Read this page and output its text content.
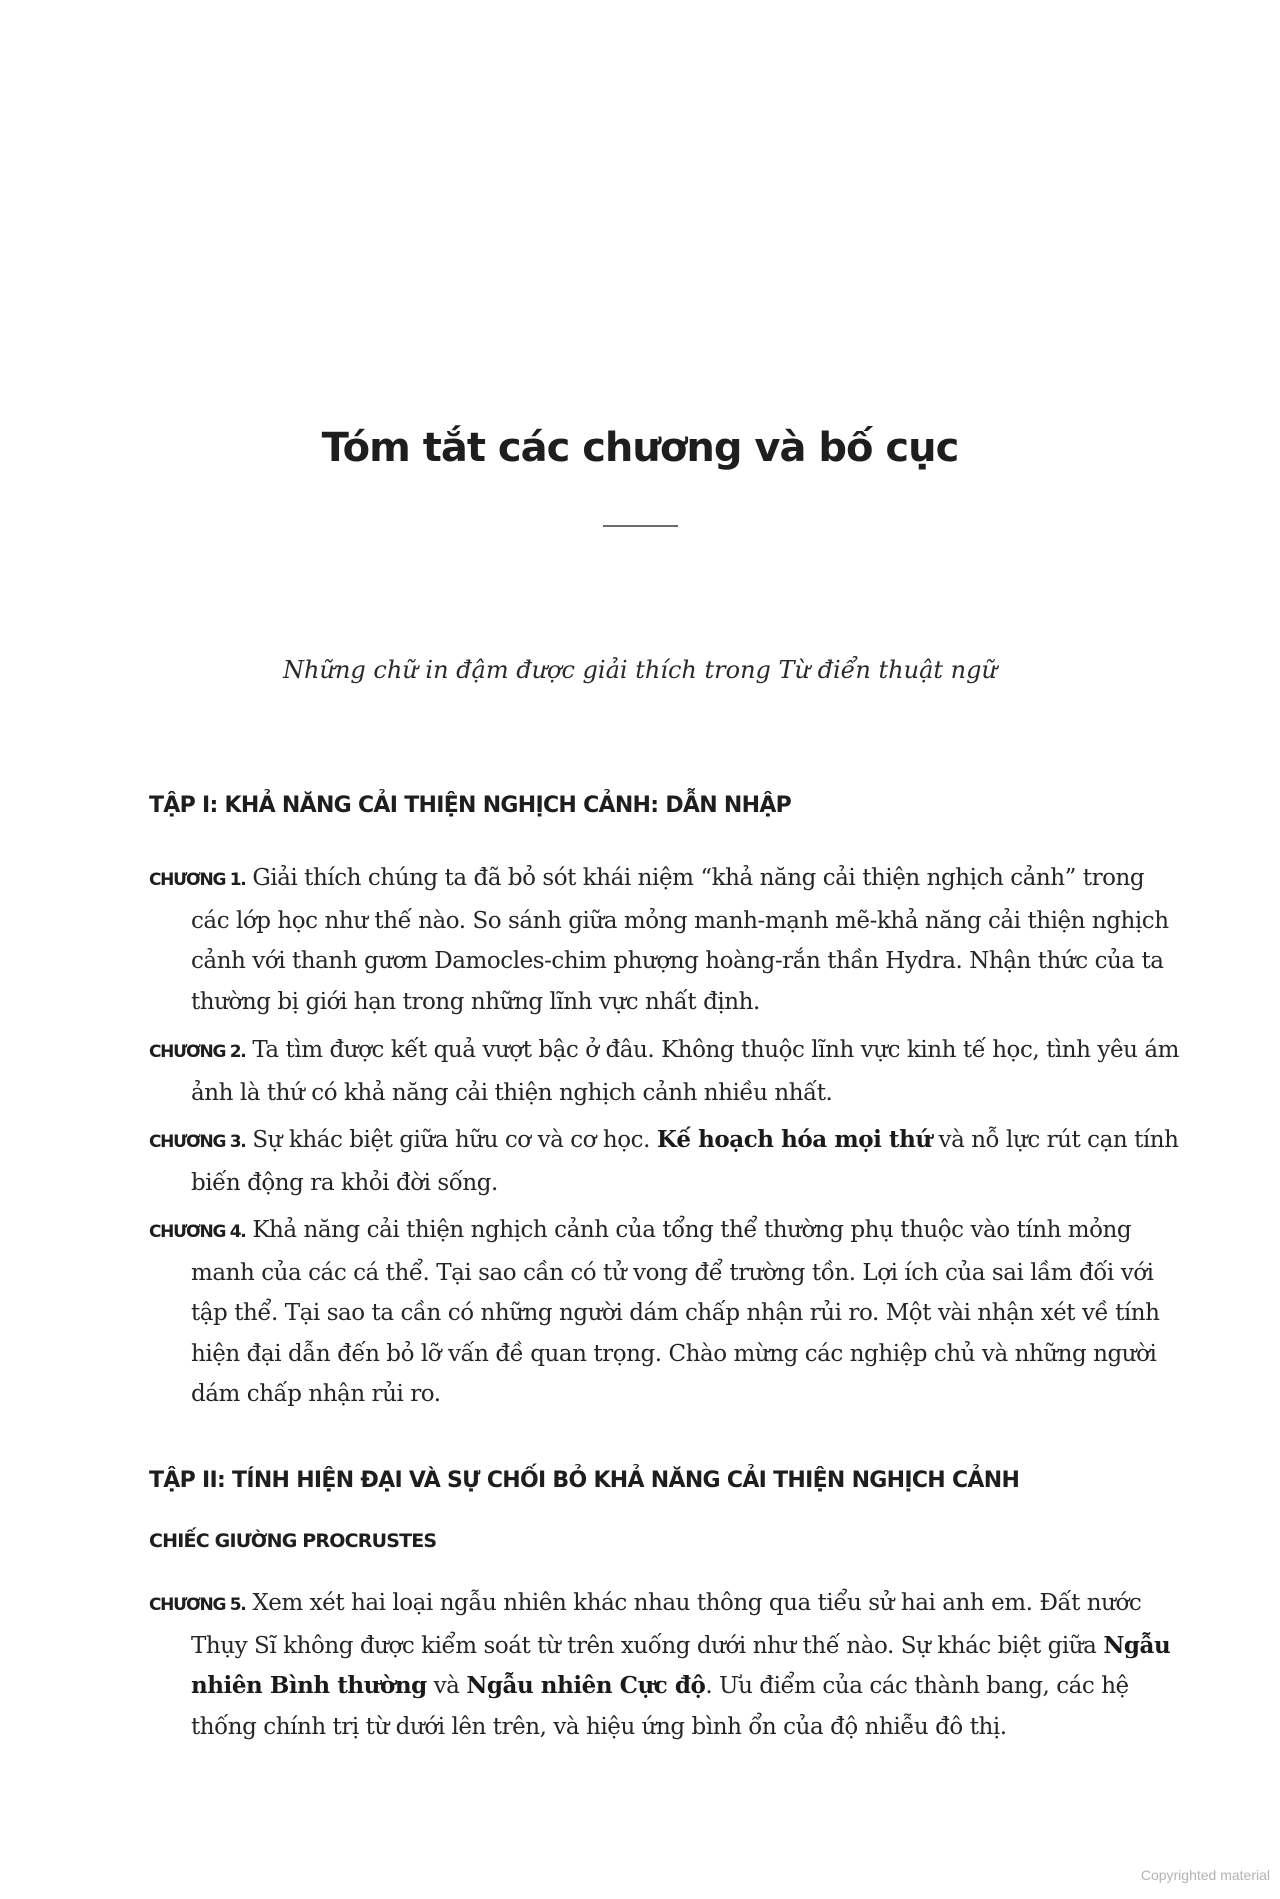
Tóm tắt các chương và bố cục
Những chữ in đậm được giải thích trong Từ điển thuật ngữ
TẬP I: KHẢ NĂNG CẢI THIỆN NGHỊCH CẢNH: DẪN NHẬP

CHƯƠNG 1. Giải thích chúng ta đã bỏ sót khái niệm “khả năng cải thiện nghịch cảnh” trong các lớp học như thế nào. So sánh giữa mỏng manh-mạnh mẽ-khả năng cải thiện nghịch cảnh với thanh gươm Damocles-chim phượng hoàng-rắn thần Hydra. Nhận thức của ta thường bị giới hạn trong những lĩnh vực nhất định.

CHƯƠNG 2. Ta tìm được kết quả vượt bậc ở đâu. Không thuộc lĩnh vực kinh tế học, tình yêu ám ảnh là thứ có khả năng cải thiện nghịch cảnh nhiều nhất.

CHƯƠNG 3. Sự khác biệt giữa hữu cơ và cơ học. Kế hoạch hóa mọi thứ và nỗ lực rút cạn tính biến động ra khỏi đời sống.

CHƯƠNG 4. Khả năng cải thiện nghịch cảnh của tổng thể thường phụ thuộc vào tính mỏng manh của các cá thể. Tại sao cần có tử vong để trường tồn. Lợi ích của sai lầm đối với tập thể. Tại sao ta cần có những người dám chấp nhận rủi ro. Một vài nhận xét về tính hiện đại dẫn đến bỏ lỡ vấn đề quan trọng. Chào mừng các nghiệp chủ và những người dám chấp nhận rủi ro.

TẬP II: TÍNH HIỆN ĐẠI VÀ SỰ CHỐI BỎ KHẢ NĂNG CẢI THIỆN NGHỊCH CẢNH
CHIẾC GIƯỜNG PROCRUSTES

CHƯƠNG 5. Xem xét hai loại ngẫu nhiên khác nhau thông qua tiểu sử hai anh em. Đất nước Thụy Sĩ không được kiểm soát từ trên xuống dưới như thế nào. Sự khác biệt giữa Ngẫu nhiên Bình thường và Ngẫu nhiên Cực độ. Ưu điểm của các thành bang, các hệ thống chính trị từ dưới lên trên, và hiệu ứng bình ổn của độ nhiễu đô thị.

Copyrighted material
